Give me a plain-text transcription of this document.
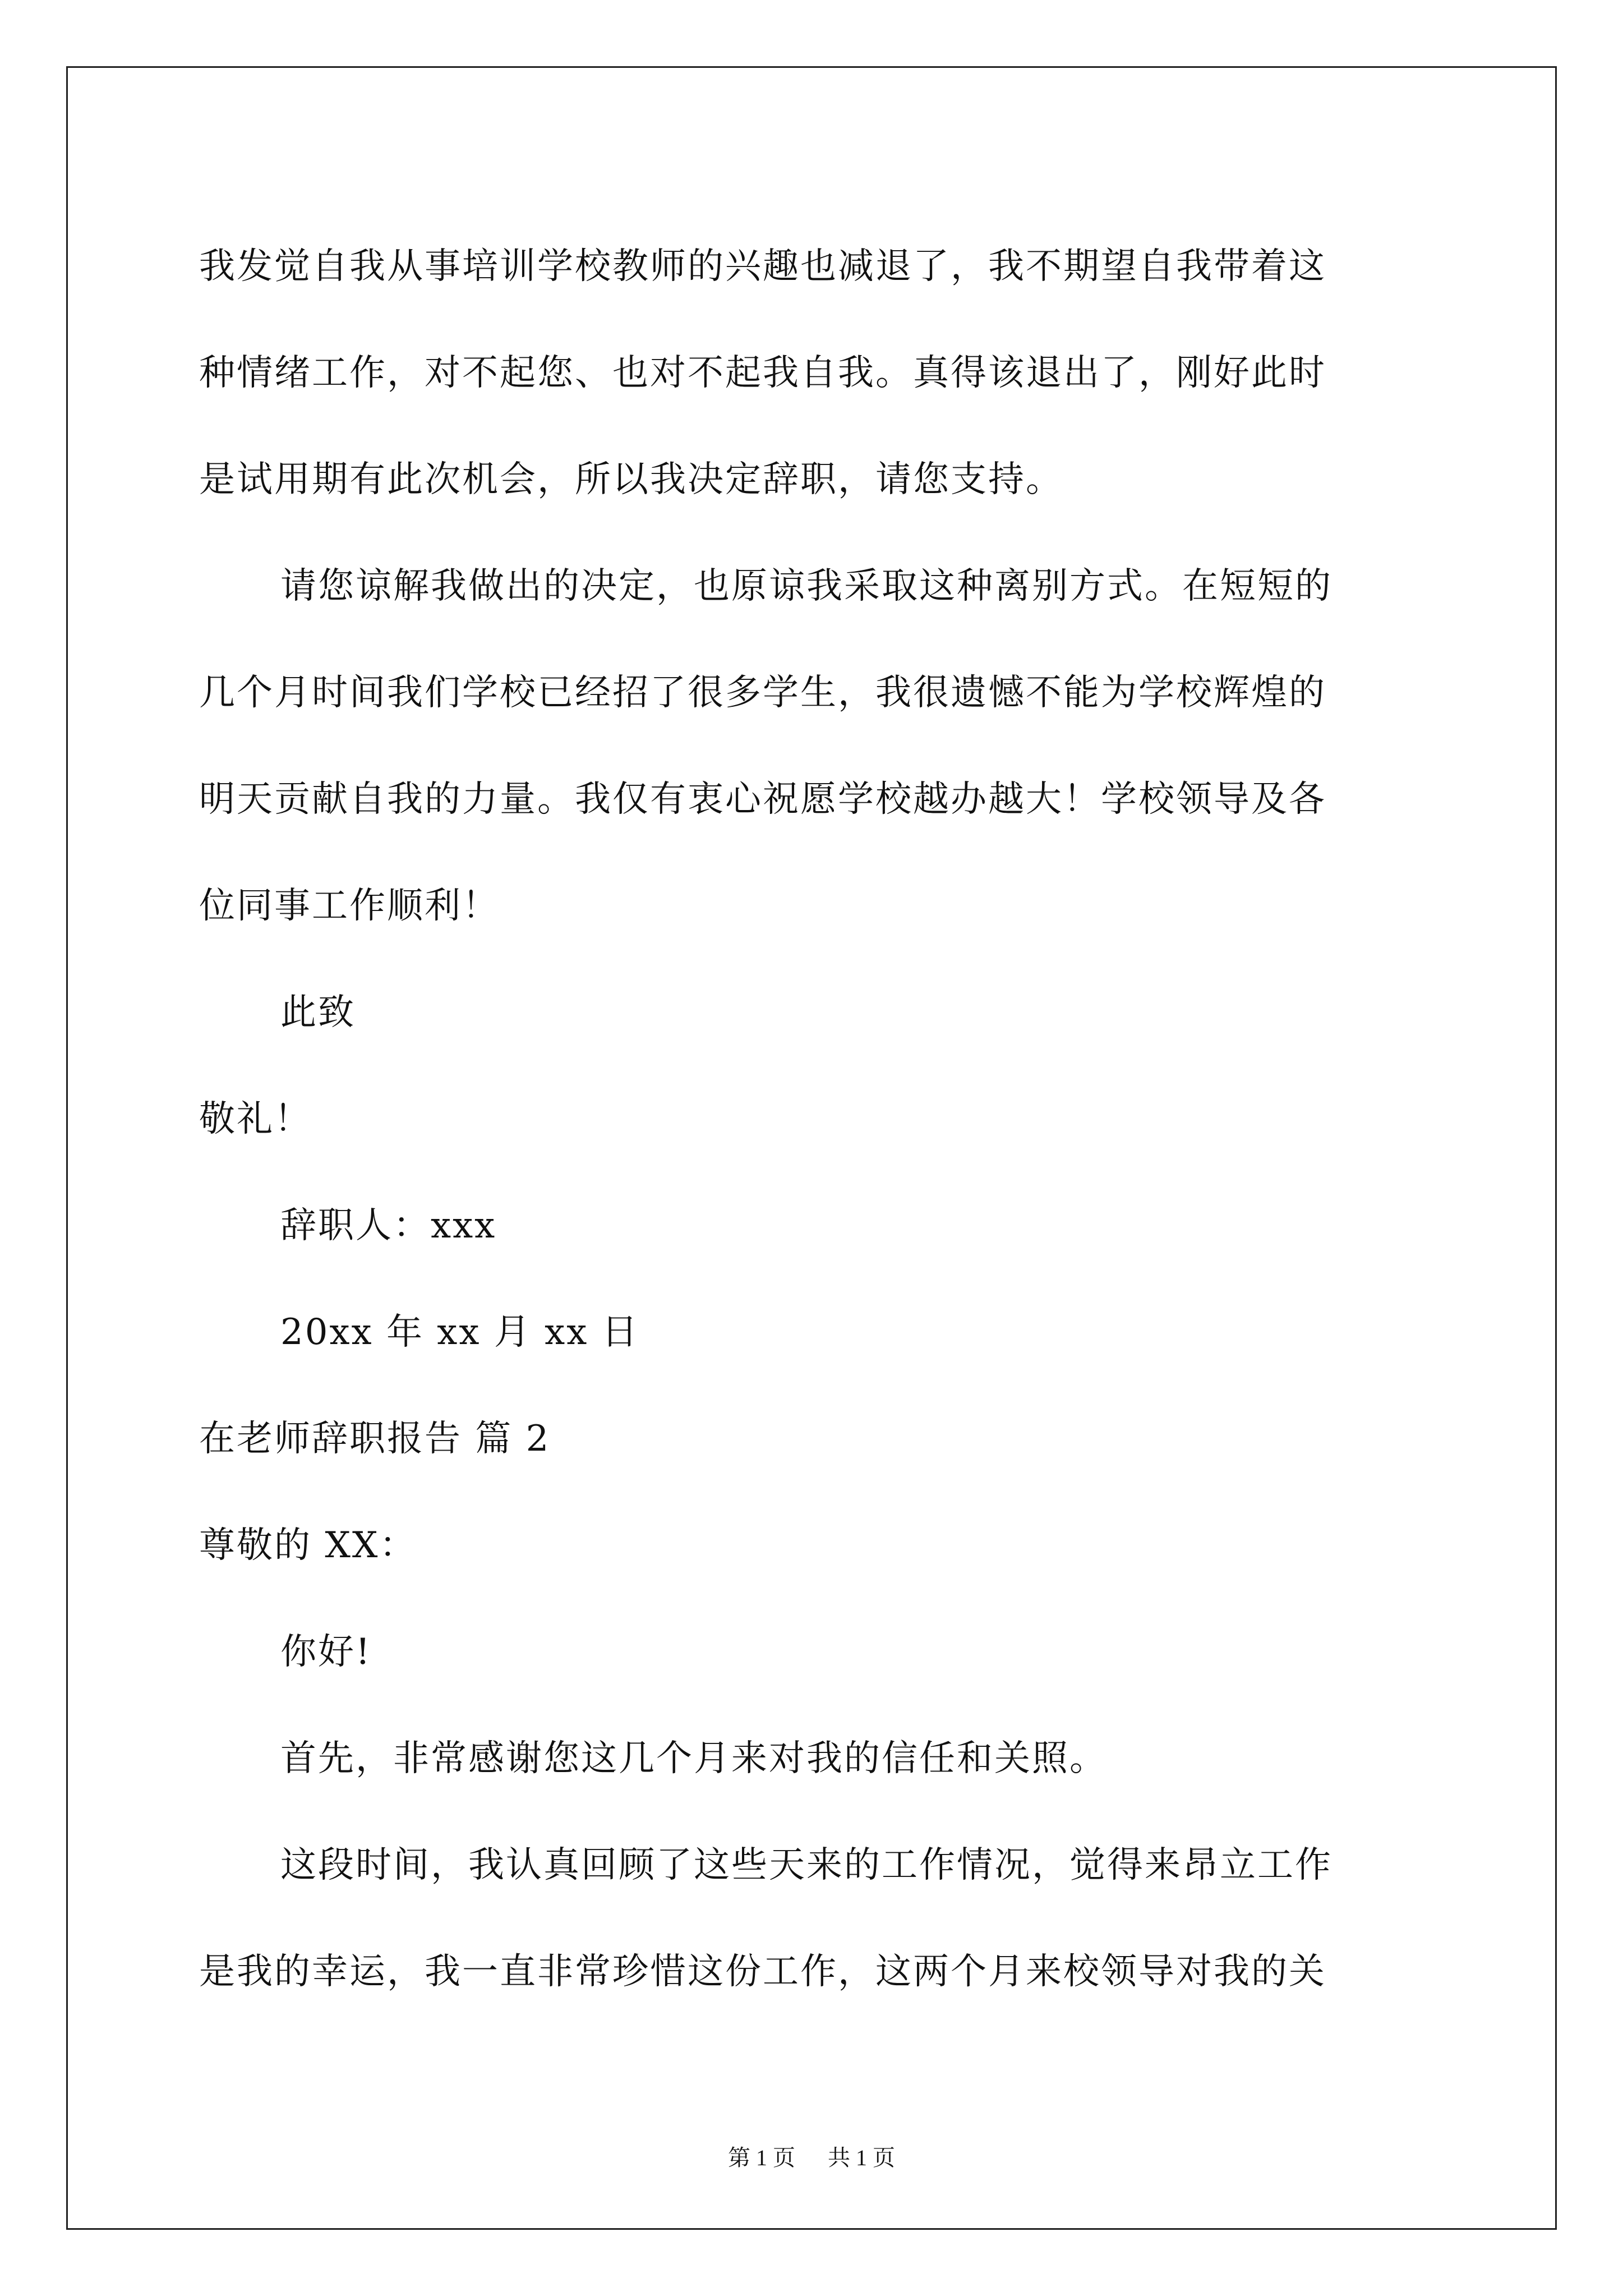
我发觉自我从事培训学校教师的兴趣也减退了，我不期望自我带着这
种情绪工作，对不起您、也对不起我自我。真得该退出了，刚好此时
是试用期有此次机会，所以我决定辞职，请您支持。
请您谅解我做出的决定，也原谅我采取这种离别方式。在短短的
几个月时间我们学校已经招了很多学生，我很遗憾不能为学校辉煌的
明天贡献自我的力量。我仅有衷心祝愿学校越办越大！学校领导及各
位同事工作顺利！
此致
敬礼！
辞职人：xxx
20xx 年 xx 月 xx 日
在老师辞职报告 篇 2
尊敬的 XX：
你好!
首先，非常感谢您这几个月来对我的信任和关照。
这段时间，我认真回顾了这些天来的工作情况，觉得来昂立工作
是我的幸运，我一直非常珍惜这份工作，这两个月来校领导对我的关
第 1 页 共 1 页
